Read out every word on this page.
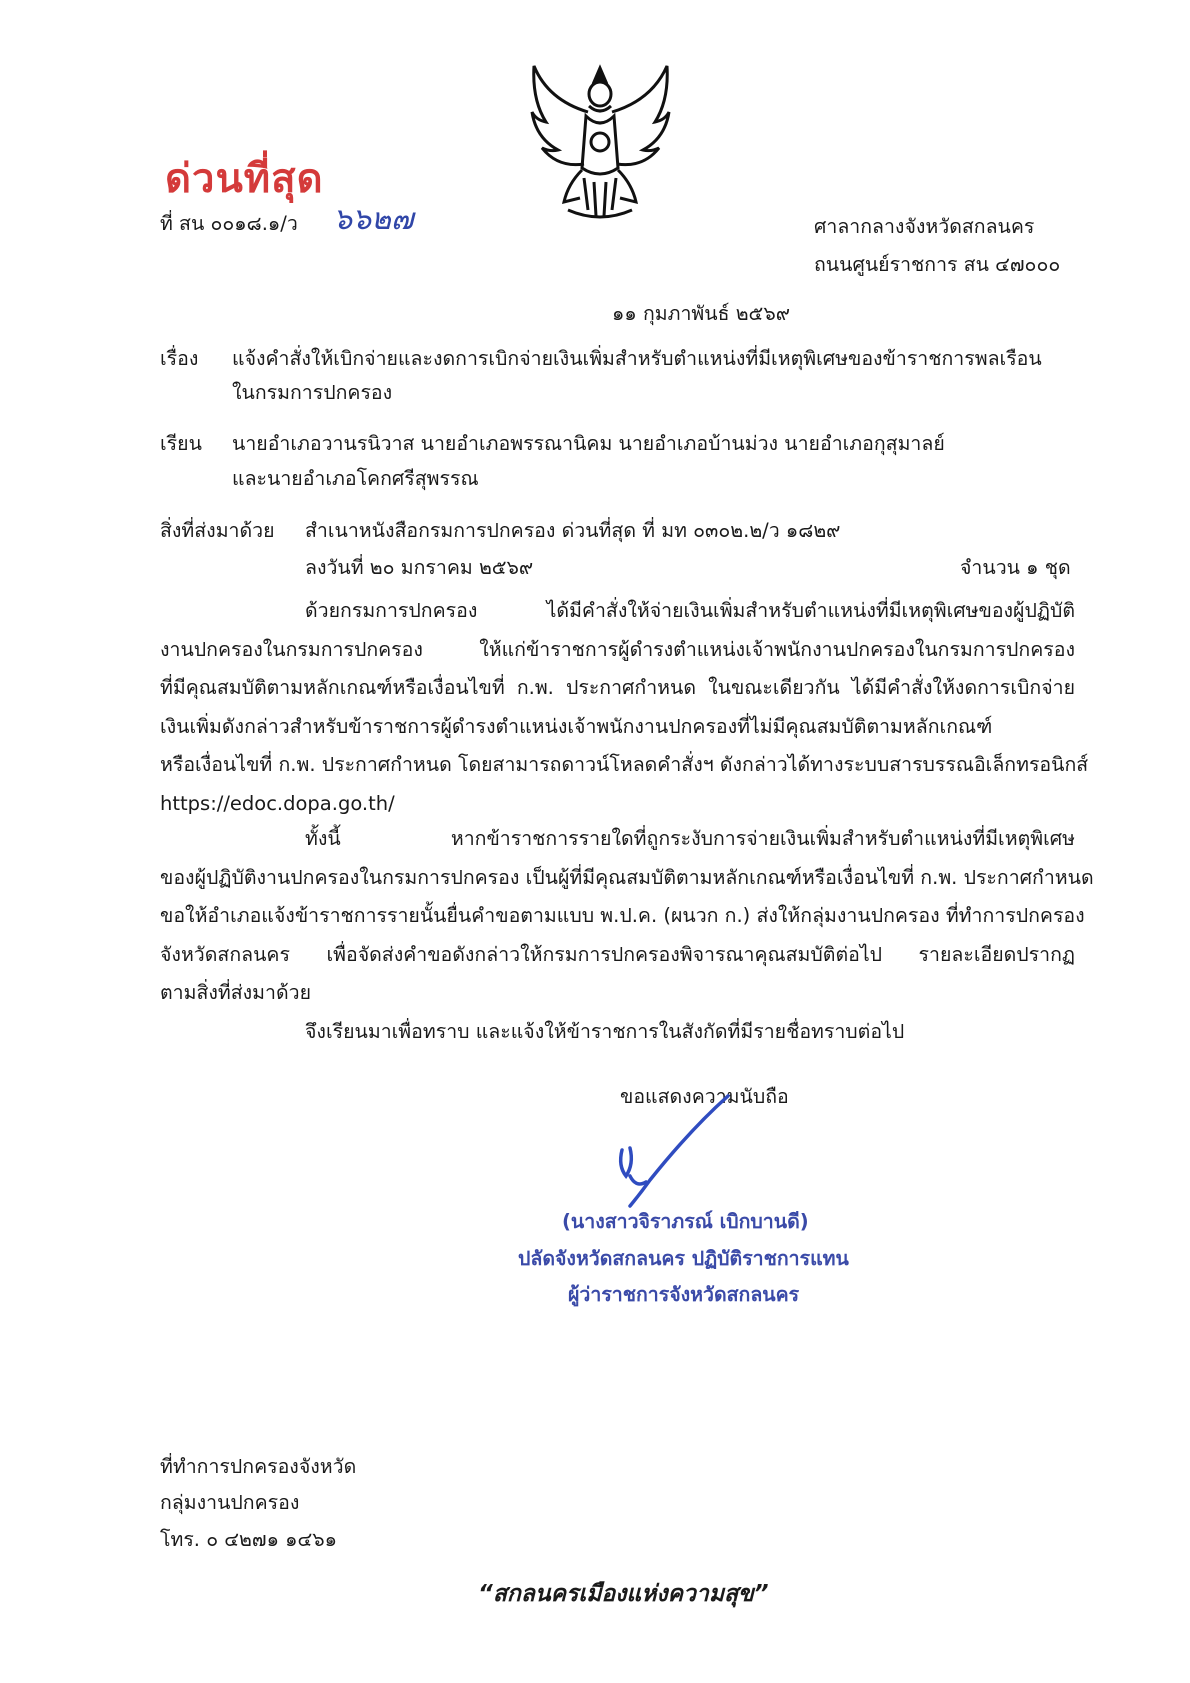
ด่วนที่สุด
ที่ สน ๐๐๑๘.๑/ว ๖๖๒๗	ศาลากลางจังหวัดสกลนคร
ถนนศูนย์ราชการ สน ๔๗๐๐๐
๑๑ กุมภาพันธ์ ๒๕๖๙
เรื่อง แจ้งคำสั่งให้เบิกจ่ายและงดการเบิกจ่ายเงินเพิ่มสำหรับตำแหน่งที่มีเหตุพิเศษของข้าราชการพลเรือน
ในกรมการปกครอง
เรียน นายอำเภอวานรนิวาส นายอำเภอพรรณานิคม นายอำเภอบ้านม่วง นายอำเภอกุสุมาลย์
และนายอำเภอโคกศรีสุพรรณ
สิ่งที่ส่งมาด้วย สำเนาหนังสือกรมการปกครอง ด่วนที่สุด ที่ มท ๐๓๐๒.๒/ว ๑๘๒๙
ลงวันที่ ๒๐ มกราคม ๒๕๖๙	จำนวน ๑ ชุด
ด้วยกรมการปกครอง ได้มีคำสั่งให้จ่ายเงินเพิ่มสำหรับตำแหน่งที่มีเหตุพิเศษของผู้ปฏิบัติ
งานปกครองในกรมการปกครอง ให้แก่ข้าราชการผู้ดำรงตำแหน่งเจ้าพนักงานปกครองในกรมการปกครอง
ที่มีคุณสมบัติตามหลักเกณฑ์หรือเงื่อนไขที่ ก.พ. ประกาศกำหนด ในขณะเดียวกัน ได้มีคำสั่งให้งดการเบิกจ่าย
เงินเพิ่มดังกล่าวสำหรับข้าราชการผู้ดำรงตำแหน่งเจ้าพนักงานปกครองที่ไม่มีคุณสมบัติตามหลักเกณฑ์
หรือเงื่อนไขที่ ก.พ. ประกาศกำหนด โดยสามารถดาวน์โหลดคำสั่งฯ ดังกล่าวได้ทางระบบสารบรรณอิเล็กทรอนิกส์
https://edoc.dopa.go.th/
ทั้งนี้ หากข้าราชการรายใดที่ถูกระงับการจ่ายเงินเพิ่มสำหรับตำแหน่งที่มีเหตุพิเศษ
ของผู้ปฏิบัติงานปกครองในกรมการปกครอง เป็นผู้ที่มีคุณสมบัติตามหลักเกณฑ์หรือเงื่อนไขที่ ก.พ. ประกาศกำหนด
ขอให้อำเภอแจ้งข้าราชการรายนั้นยื่นคำขอตามแบบ พ.ป.ค. (ผนวก ก.) ส่งให้กลุ่มงานปกครอง ที่ทำการปกครอง
จังหวัดสกลนคร เพื่อจัดส่งคำขอดังกล่าวให้กรมการปกครองพิจารณาคุณสมบัติต่อไป รายละเอียดปรากฏ
ตามสิ่งที่ส่งมาด้วย
จึงเรียนมาเพื่อทราบ และแจ้งให้ข้าราชการในสังกัดที่มีรายชื่อทราบต่อไป
ขอแสดงความนับถือ
(นางสาวจิราภรณ์ เบิกบานดี)
ปลัดจังหวัดสกลนคร ปฏิบัติราชการแทน
ผู้ว่าราชการจังหวัดสกลนคร
ที่ทำการปกครองจังหวัด
กลุ่มงานปกครอง
โทร. ๐ ๔๒๗๑ ๑๔๖๑
“สกลนครเมืองแห่งความสุข”
